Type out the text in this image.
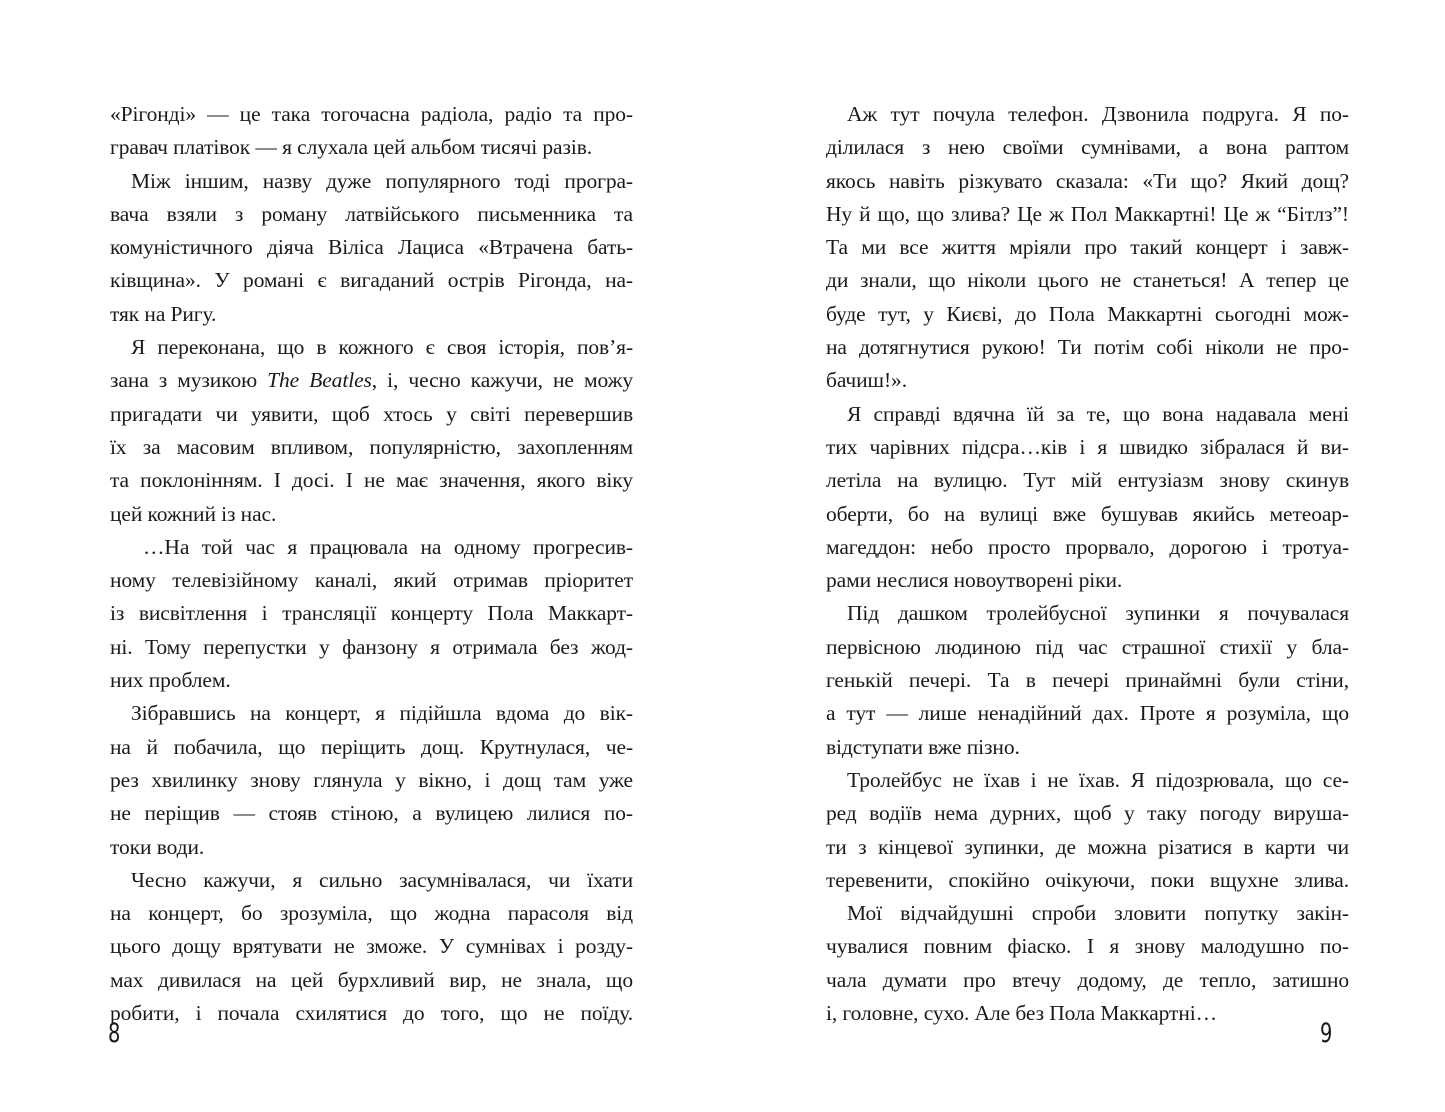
«Рігонді» — це така тогочасна радіола, радіо та про-
гравач платівок — я слухала цей альбом тисячі разів.
Між іншим, назву дуже популярного тоді програ-
вача взяли з роману латвійського письменника та
комуністичного діяча Віліса Лациса «Втрачена бать-
ківщина». У романі є вигаданий острів Рігонда, на-
тяк на Ригу.
Я переконана, що в кожного є своя історія, пов’я-
зана з музикою The Beatles, і, чесно кажучи, не можу
пригадати чи уявити, щоб хтось у світі перевершив
їх за масовим впливом, популярністю, захопленням
та поклонінням. І досі. І не має значення, якого віку
цей кожний із нас.
…На той час я працювала на одному прогресив-
ному телевізійному каналі, який отримав пріоритет
із висвітлення і трансляції концерту Пола Маккарт-
ні. Тому перепустки у фанзону я отримала без жод-
них проблем.
Зібравшись на концерт, я підійшла вдома до вік-
на й побачила, що періщить дощ. Крутнулася, че-
рез хвилинку знову глянула у вікно, і дощ там уже
не періщив — стояв стіною, а вулицею лилися по-
токи води.
Чесно кажучи, я сильно засумнівалася, чи їхати
на концерт, бо зрозуміла, що жодна парасоля від
цього дощу врятувати не зможе. У сумнівах і розду-
мах дивилася на цей бурхливий вир, не знала, що
робити, і почала схилятися до того, що не поїду.
Аж тут почула телефон. Дзвонила подруга. Я по-
ділилася з нею своїми сумнівами, а вона раптом
якось навіть різкувато сказала: «Ти що? Який дощ?
Ну й що, що злива? Це ж Пол Маккартні! Це ж “Бітлз”!
Та ми все життя мріяли про такий концерт і завж-
ди знали, що ніколи цього не станеться! А тепер це
буде тут, у Києві, до Пола Маккартні сьогодні мож-
на дотягнутися рукою! Ти потім собі ніколи не про-
бачиш!».
Я справді вдячна їй за те, що вона надавала мені
тих чарівних підсра…ків і я швидко зібралася й ви-
летіла на вулицю. Тут мій ентузіазм знову скинув
оберти, бо на вулиці вже бушував якийсь метеоар-
магеддон: небо просто прорвало, дорогою і тротуа-
рами неслися новоутворені ріки.
Під дашком тролейбусної зупинки я почувалася
первісною людиною під час страшної стихії у бла-
генькій печері. Та в печері принаймні були стіни,
а тут — лише ненадійний дах. Проте я розуміла, що
відступати вже пізно.
Тролейбус не їхав і не їхав. Я підозрювала, що се-
ред водіїв нема дурних, щоб у таку погоду вируша-
ти з кінцевої зупинки, де можна різатися в карти чи
теревенити, спокійно очікуючи, поки вщухне злива.
Мої відчайдушні спроби зловити попутку закін-
чувалися повним фіаско. І я знову малодушно по-
чала думати про втечу додому, де тепло, затишно
і, головне, сухо. Але без Пола Маккартні…
8	9
